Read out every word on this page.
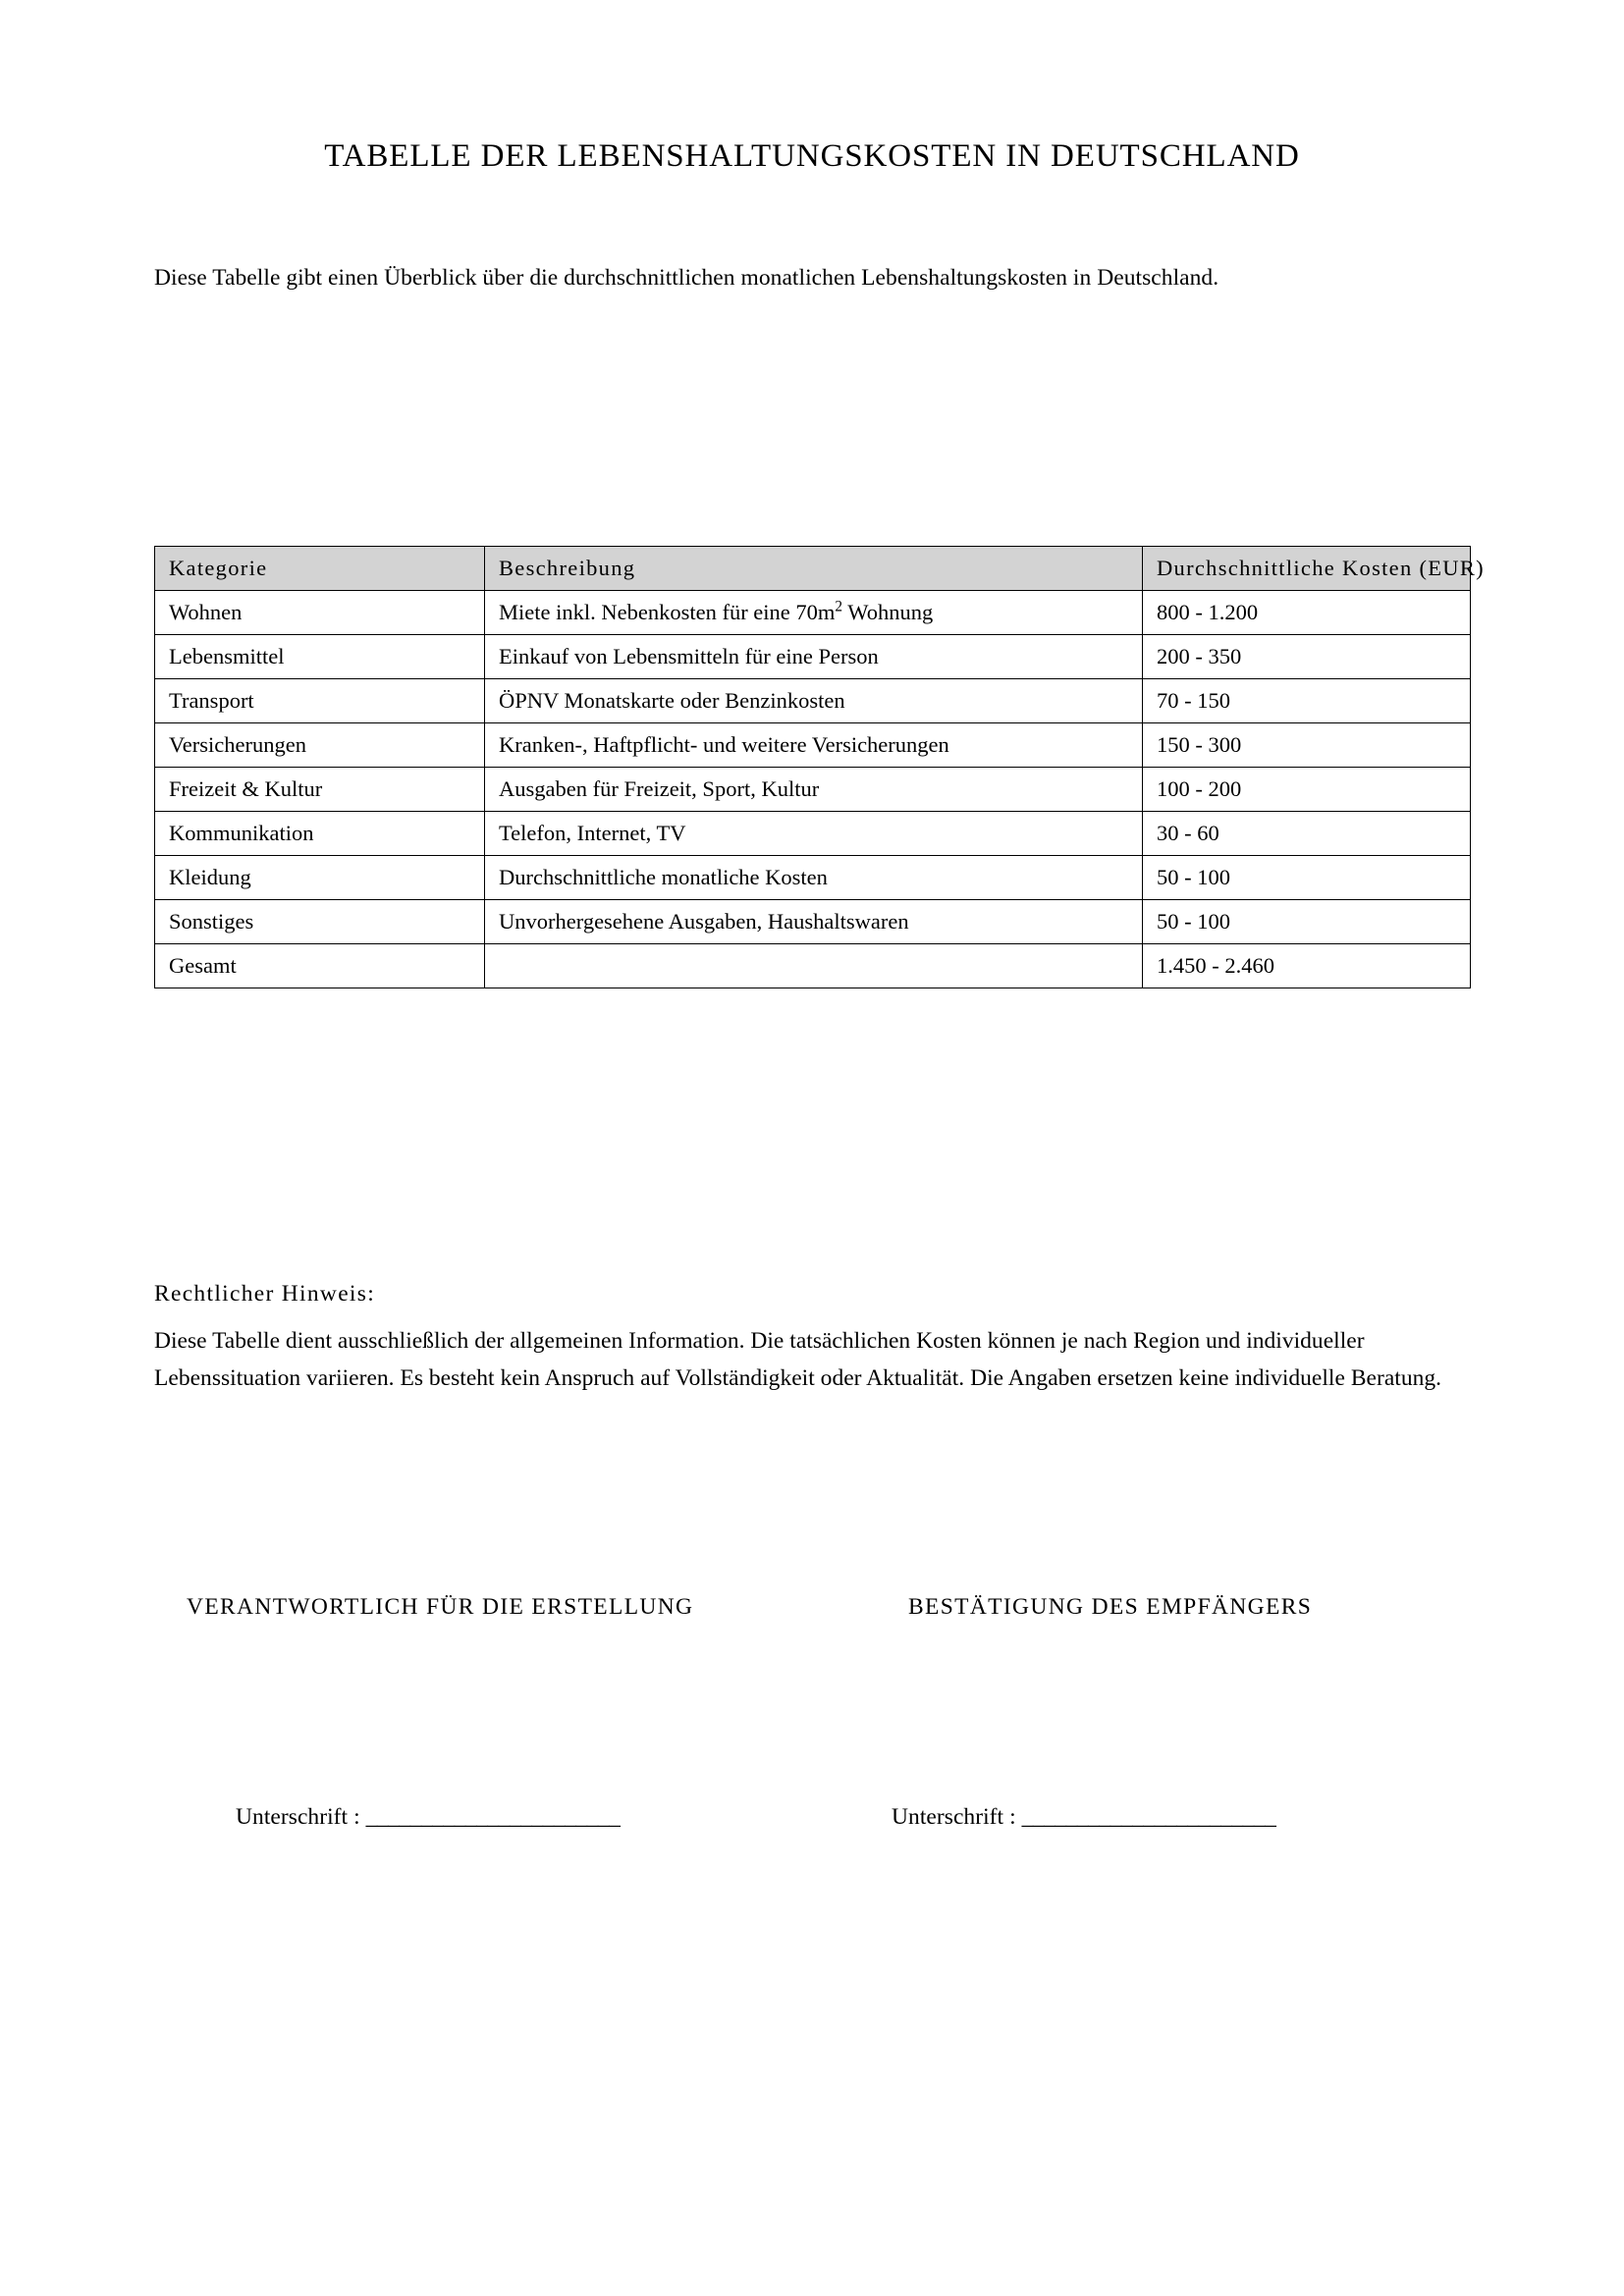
TABELLE DER LEBENSHALTUNGSKOSTEN IN DEUTSCHLAND

Diese Tabelle gibt einen Überblick über die durchschnittlichen monatlichen Lebenshaltungskosten in Deutschland.

Kategorie	Beschreibung	Durchschnittliche Kosten (EUR)
Wohnen	Miete inkl. Nebenkosten für eine $70m^2$ Wohnung	800 - 1.200
Lebensmittel	Einkauf von Lebensmitteln für eine Person	200 - 350
Transport	ÖPNV Monatskarte oder Benzinkosten	70 - 150
Versicherungen	Kranken-, Haftpflicht- und weitere Versicherungen	150 - 300
Freizeit & Kultur	Ausgaben für Freizeit, Sport, Kultur	100 - 200
Kommunikation	Telefon, Internet, TV	30 - 60
Kleidung	Durchschnittliche monatliche Kosten	50 - 100
Sonstiges	Unvorhergesehene Ausgaben, Haushaltswaren	50 - 100
Gesamt		1.450 - 2.460
Rechtlicher Hinweis:
Diese Tabelle dient ausschließlich der allgemeinen Information. Die tatsächlichen Kosten können je nach Region und individueller Lebenssituation variieren. Es besteht kein Anspruch auf Vollständigkeit oder Aktualität. Die Angaben ersetzen keine individuelle Beratung.
VERANTWORTLICH FÜR DIE ERSTELLUNG	BESTÄTIGUNG DES EMPFÄNGERS
Unterschrift : _______________________	Unterschrift : _______________________
